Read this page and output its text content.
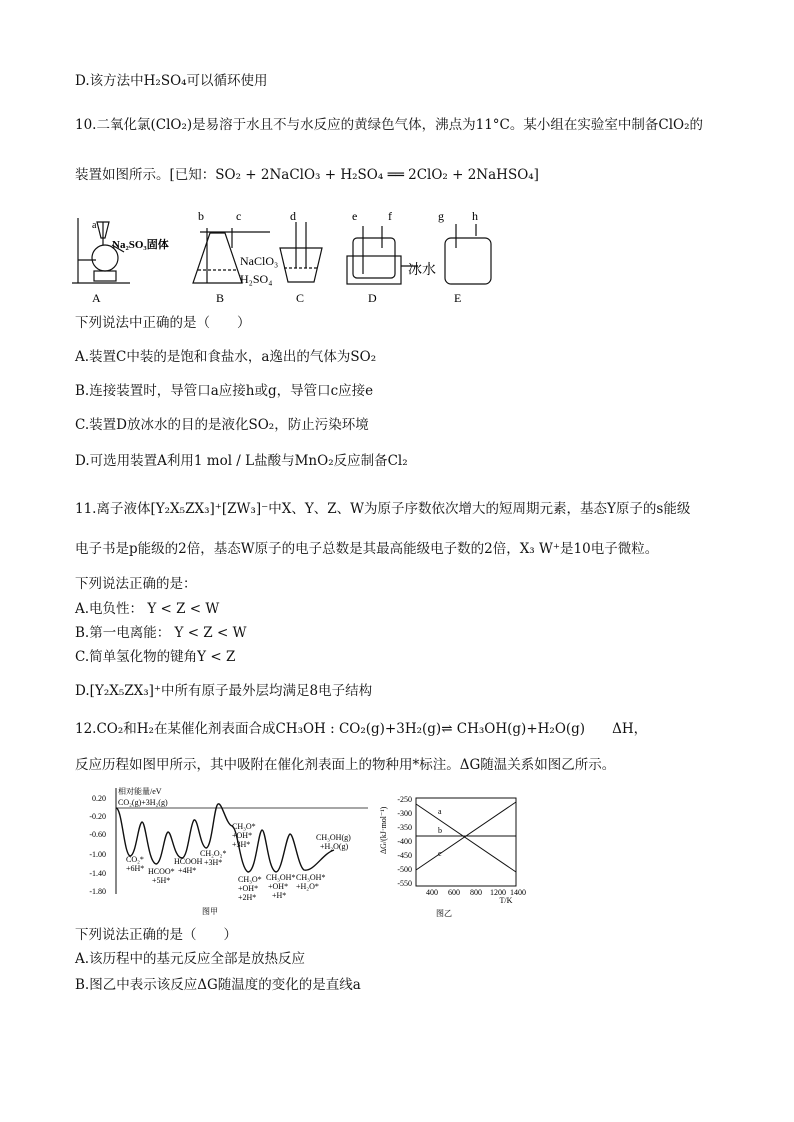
D.该方法中H₂SO₄可以循环使用
10.二氧化氯(ClO₂)是易溶于水且不与水反应的黄绿色气体，沸点为11°C。某小组在实验室中制备ClO₂的
装置如图所示。[已知：SO₂ + 2NaClO₃ + H₂SO₄ ══ 2ClO₂ + 2NaHSO₄]
a
b	c	d	e	f	g h
Na₂SO₃固体
NaClO₃
H₂SO₄
冰水
A	B	C	D	E
下列说法中正确的是（　　）
A.装置C中装的是饱和食盐水，a逸出的气体为SO₂
B.连接装置时，导管口a应接h或g，导管口c应接e
C.装置D放冰水的目的是液化SO₂，防止污染环境
D.可选用装置A利用1 mol / L盐酸与MnO₂反应制备Cl₂
11.离子液体[Y₂X₅ZX₃]⁺[ZW₃]⁻中X、Y、Z、W为原子序数依次增大的短周期元素，基态Y原子的s能级
电子书是p能级的2倍，基态W原子的电子总数是其最高能级电子数的2倍，X₃ W⁺是10电子微粒。
下列说法正确的是：
A.电负性： Y < Z < W
B.第一电离能： Y < Z < W
C.简单氢化物的键角Y < Z
D.[Y₂X₅ZX₃]⁺中所有原子最外层均满足8电子结构
12.CO₂和H₂在某催化剂表面合成CH₃OH : CO₂(g)+3H₂(g)⇌ CH₃OH(g)+H₂O(g)　　ΔH，
反应历程如图甲所示，其中吸附在催化剂表面上的物种用*标注。ΔG随温关系如图乙所示。
0.20
-0.20
-0.60
-1.00
-1.40
-1.80
相对能量/eV
CO₂(g)+3H₂(g)
CO₂*
+6H* HCOO*
+5H*
HCOOH
+4H*
CH₂O₂*
+3H*
CH₃O*
+OH*
+3H*
CH₃O*
+OH*
+2H*
CH₃OH*
+OH*
+H*
CH₃OH*
+H₂O*
CH₃OH(g)
+H₂O(g)
图甲
-250
-300
-350
-400
-450
-500
-550
400 600 800 1200 1400
T/K
图乙
ΔG/(kJ·mol⁻¹)	a
b
c
下列说法正确的是（　　）
A.该历程中的基元反应全部是放热反应
B.图乙中表示该反应ΔG随温度的变化的是直线a
